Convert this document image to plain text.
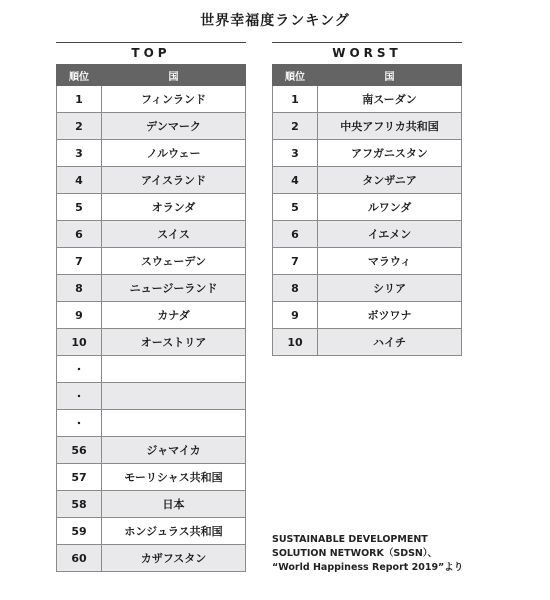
世界幸福度ランキング
TOP	WORST
順位	国
1	フィンランド
2	デンマーク
3	ノルウェー
4	アイスランド
5	オランダ
6	スイス
7	スウェーデン
8	ニュージーランド
9	カナダ
10	オーストリア
・	
・	
・	
56	ジャマイカ
57	モーリシャス共和国
58	日本
59	ホンジュラス共和国
60	カザフスタン
順位	国
1	南スーダン
2	中央アフリカ共和国
3	アフガニスタン
4	タンザニア
5	ルワンダ
6	イエメン
7	マラウィ
8	シリア
9	ボツワナ
10	ハイチ
SUSTAINABLE DEVELOPMENT
SOLUTION NETWORK（SDSN）、
“World Happiness Report 2019”より
